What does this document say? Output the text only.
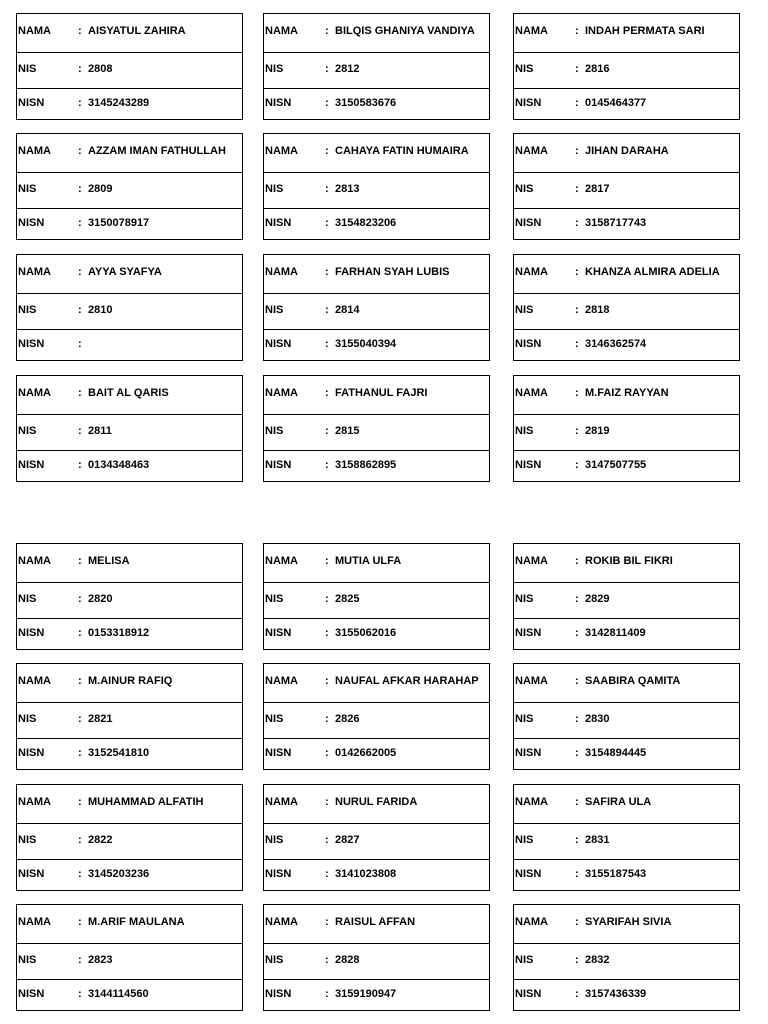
NAMA : AISYATUL ZAHIRA
NIS	: 2808
NISN	: 3145243289
NAMA : BILQIS GHANIYA VANDIYA
NIS	: 2812
NISN	: 3150583676
NAMA : INDAH PERMATA SARI
NIS	: 2816
NISN	: 0145464377
NAMA : AZZAM IMAN FATHULLAH
NIS	: 2809
NISN	: 3150078917
NAMA : CAHAYA FATIN HUMAIRA
NIS	: 2813
NISN	: 3154823206
NAMA : JIHAN DARAHA
NIS	: 2817
NISN	: 3158717743
NAMA : AYYA SYAFYA
NIS	: 2810
NISN	:
NAMA : FARHAN SYAH LUBIS
NIS	: 2814
NISN	: 3155040394
NAMA : KHANZA ALMIRA ADELIA
NIS	: 2818
NISN	: 3146362574
NAMA : BAIT AL QARIS
NIS	: 2811
NISN	: 0134348463
NAMA : FATHANUL FAJRI
NIS	: 2815
NISN	: 3158862895
NAMA : M.FAIZ RAYYAN
NIS	: 2819
NISN	: 3147507755
NAMA : MELISA
NIS	: 2820
NISN	: 0153318912
NAMA : MUTIA ULFA
NIS	: 2825
NISN	: 3155062016
NAMA : ROKIB BIL FIKRI
NIS	: 2829
NISN	: 3142811409
NAMA : M.AINUR RAFIQ
NIS	: 2821
NISN	: 3152541810
NAMA : NAUFAL AFKAR HARAHAP
NIS	: 2826
NISN	: 0142662005
NAMA : SAABIRA QAMITA
NIS	: 2830
NISN	: 3154894445
NAMA : MUHAMMAD ALFATIH
NIS	: 2822
NISN	: 3145203236
NAMA : NURUL FARIDA
NIS	: 2827
NISN	: 3141023808
NAMA : SAFIRA ULA
NIS	: 2831
NISN	: 3155187543
NAMA : M.ARIF MAULANA
NIS	: 2823
NISN	: 3144114560
NAMA : RAISUL AFFAN
NIS	: 2828
NISN	: 3159190947
NAMA : SYARIFAH SIVIA
NIS	: 2832
NISN	: 3157436339
